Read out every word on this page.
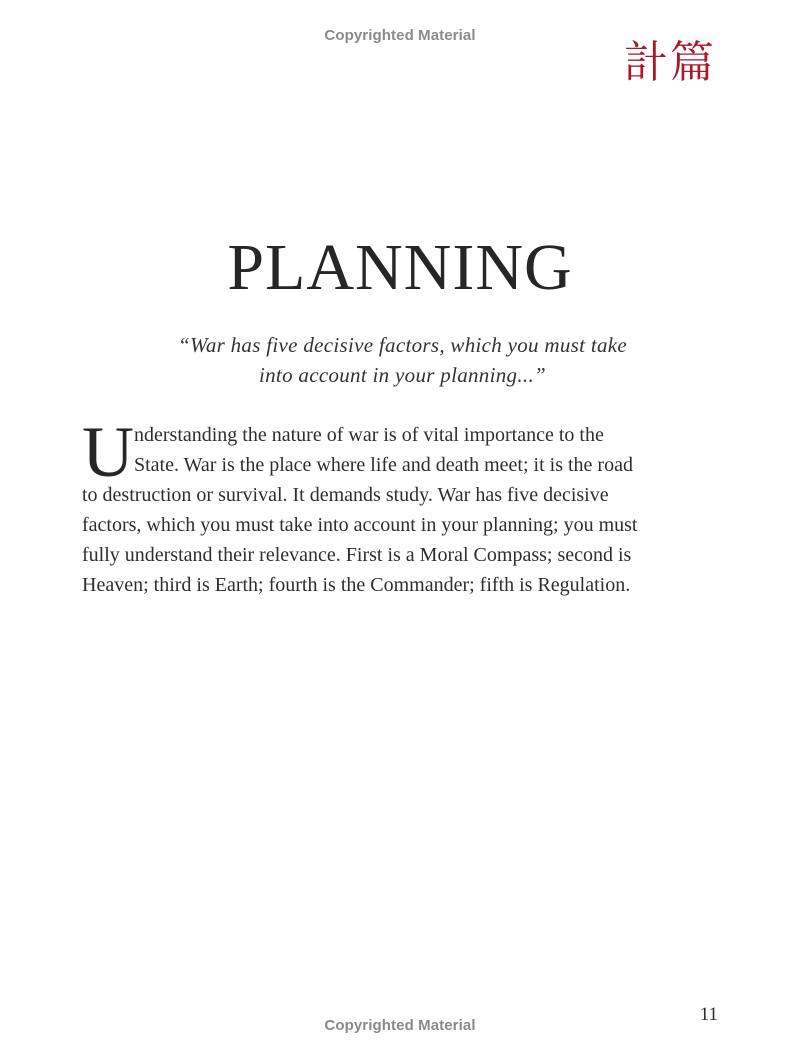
Copyrighted Material
計篇
PLANNING
“War has five decisive factors, which you must take
into account in your planning...”
U nderstanding the nature of war is of vital importance to the
State. War is the place where life and death meet; it is the road
to destruction or survival. It demands study. War has five decisive
factors, which you must take into account in your planning; you must
fully understand their relevance. First is a Moral Compass; second is
Heaven; third is Earth; fourth is the Commander; fifth is Regulation.
11
Copyrighted Material
